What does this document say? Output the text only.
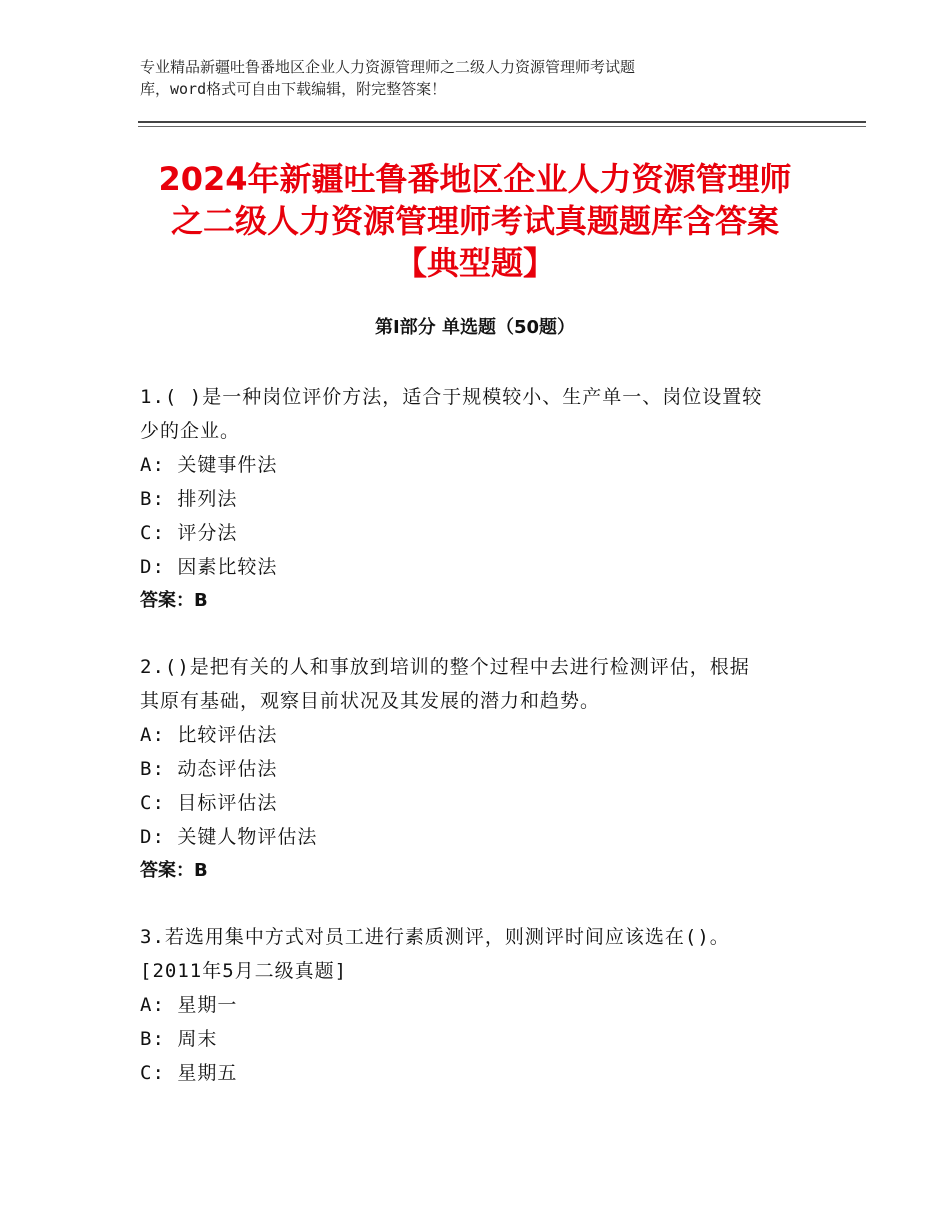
专业精品新疆吐鲁番地区企业人力资源管理师之二级人力资源管理师考试题
库，word格式可自由下载编辑，附完整答案！
2024年新疆吐鲁番地区企业人力资源管理师
之二级人力资源管理师考试真题题库含答案
【典型题】
第Ⅰ部分 单选题（50题）

1.( )是一种岗位评价方法，适合于规模较小、生产单一、岗位设置较

少的企业。

A: 关键事件法

B: 排列法

C: 评分法

D: 因素比较法

答案：B

2.()是把有关的人和事放到培训的整个过程中去进行检测评估，根据

其原有基础，观察目前状况及其发展的潜力和趋势。

A: 比较评估法

B: 动态评估法

C: 目标评估法

D: 关键人物评估法

答案：B

3.若选用集中方式对员工进行素质测评，则测评时间应该选在()。

[2011年5月二级真题]

A: 星期一

B: 周末

C: 星期五
